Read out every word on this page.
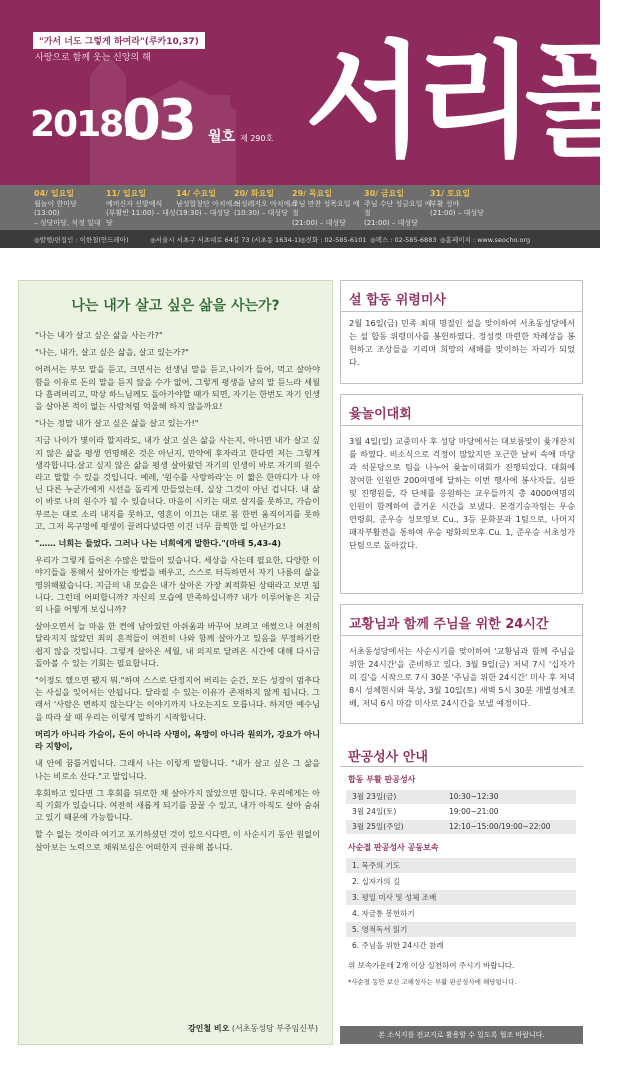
"가서 너도 그렇게 하여라"(루카10,37)
사랑으로 함께 웃는 신앙의 해
2018.
03 월호 제 290호 서리풀
04/ 일요일
월놀이 한마당 (13:00)
– 성당마당, 석정 일대
11/ 일요일
예비신자 선발예식
(부활반 11:00) – 대성당
14/ 수요일
남성합창단 아치에스
(19:30) – 대성당
20/ 화요일
여성레지오 아치에스
(10:30) – 대성당
29/ 목요일
주님 만찬 성목요일 예절
(21:00) – 대성당
30/ 금요일
주님 수난 성금요일 예절
(21:00) – 대성당
31/ 토요일
부활 성야
(21:00) – 대성당
◎발행/편집인 : 이한철(안드레아)	◎서울시 서초구 서초대로 64길 73 (서초동 1634-1) ◎전화 : 02-585-6101 ◎팩스 : 02-585-6883 ◎홈페이지 : www.seocho.org
나는 내가 살고 싶은 삶을 사는가?

"나는 내가 살고 싶은 삶을 사는가?"

"나는, 내가, 살고 싶은 삶을, 살고 있는가?"

어려서는 부모 말을 듣고, 크면서는 선생님 말을 듣고,나이가 들어, 먹고 살아야 함을 이유로 돈의 말을 듣지 않을 수가 없어, 그렇게 평생을 남의 말 듣느라 세월 다 흘려버리고, 막상 하느님께도 돌아가야할 때가 되면, 자기는 한번도 자기 인생을 살아본 적이 없는 사람처럼 억울해 하지 않을까요!

"나는 정말 내가 살고 싶은 삶을 살고 있는가!"

지금 나이가 몇이라 할지라도, 내가 살고 싶은 삶을 사는지, 아니면 내가 살고 싶지 않은 삶을 평생 연명해온 것은 아닌지, 만약에 후자라고 한다면 저는 그렇게 생각합니다.살고 싶지 않은 삶을 평생 살아왔던 자기의 인생이 바로 자기의 원수라고 말할 수 있을 것입니다. 예레, '원수를 사랑하라'는 이 짧은 한마디가 나 아닌 다른 누군가에게 시선을 돌리게 만들었는데, 실상 그것이 아닌 겁니다. 내 삶이 바로 나의 원수가 될 수 있습니다. 마음이 시키는 대로 살지를 못하고, 가슴이 부르는 대로 소리 내지를 못하고, 영혼이 이끄는 대로 몸 한번 움직이지를 못하고, 그저 목구멍에 평생이 끌려다녔다면 이건 너무 끔찍한 일 아닌가요!

"…… 너희는 들었다. 그러나 나는 너희에게 말한다."(마태 5,43-4)

우리가 그렇게 들어온 수많은 말들이 있습니다. 세상을 사는데 필요한, 다양한 이야기들을 통해서 살아가는 방법을 배우고, 스스로 터득하면서 자기 나름의 삶을 영위해왔습니다. 지금의 내 모습은 내가 살아온 가장 최적화된 상태라고 보면 됩니다. 그런데 어떠합니까? 자신의 모습에 만족하십니까? 내가 이루어놓은 지금의 나를 어떻게 보십니까?

살아오면서 늘 마음 한 켠에 남아있던 아쉬움과 바꾸어 보려고 애썼으나 여전히 달라지지 않았던 죄의 흔적들이 여전히 나와 함께 살아가고 있음을 부정하기란 쉽지 않을 것입니다. 그렇게 살아온 세월, 내 의지로 달려온 시간에 대해 다시금 돌아볼 수 있는 기회는 필요합니다.

"이정도 했으면 됐지 뭐."하며 스스로 단정지어 버리는 순간, 모든 성장이 멈추다는 사실을 잊어서는 안됩니다. 달라질 수 있는 이유가 존재하지 않게 됩니다. 그래서 '사람은 변하지 않는다'는 이야기까지 나오는지도 모릅니다. 하지만 예수님을 따라 살 때 우리는 이렇게 말하기 시작합니다.

머리가 아니라 가슴이, 돈이 아니라 사명이, 욕망이 아니라 원의가, 강요가 아니라 지향이,

내 안에 꿈틀거립니다. 그래서 나는 이렇게 말합니다. "내가 살고 싶은 그 삶을 나는 비로소 산다."고 말입니다.

후회하고 있다면 그 후회를 뒤로한 채 살아가지 않았으면 합니다. 우리에게는 아직 기회가 있습니다. 여전히 새롭게 되기를 꿈꿀 수 있고, 내가 아직도 살아 숨쉬고 있기 때문에 가능합니다.

할 수 없는 것이라 여기고 포기하셨던 것이 있으시다면, 이 사순시기 동안 원없이 살아보는 노력으로 채워보심은 어떠한지 권유해 봅니다.

강인철 비오 (서초동성당 부주임신부)
설 합동 위령미사
2월 16일(금) 민족 최대 명절인 설을 맞이하여 서초동성당에서는 설 합동 위령미사를 봉헌하였다. 정성껏 마련한 차례상을 봉헌하고 조상들을 기리며 희망의 새해를 맞이하는 자리가 되었다.
윷놀이대회
3월 4일(일) 교중미사 후 성당 마당에서는 대보름맞이 윷개잔치를 하였다. 비소식으로 걱정이 많았지만 포근한 날씨 속에 마당과 석문당으로 팀을 나누어 윷놀이대회가 진행되었다. 대회에 참여한 인원만 200여명에 달하는 이번 행사에 봉사자들, 심판 및 진행원들, 각 단체를 응원하는 교우들까지 총 4000여명의 인원이 함께하여 즐거운 시간을 보냈다. 본경기승자팀는 우승 연령회, 준우승 성모영보 Cu., 3등 문화분과 1팀으로, 나머지 패자부활전을 통하여 우승 평화의모후 Cu. 1, 준우승 서초성가단팀으로 돌아갔다.
교황님과 함께 주님을 위한 24시간
서초동성당에서는 사순시기를 맞이하여 '교황님과 함께 주님을 위한 24시간'을 준비하고 있다. 3월 9일(금) 저녁 7시 '십자가의 길'을 시작으로 7시 30분 '주님을 위한 24시간' 미사 후 저녁 8시 성체현시와 묵상, 3월 10일(토) 새벽 5시 30분 개별성체조배, 저녁 6시 마감 미사로 24시간을 보낼 예정이다.
판공성사 안내
합동 부활 판공성사
3월 23일(금)	10:30~12:30
3월 24일(토)	19:00~21:00
3월 25일(주일)	12:10~15:00/19:00~22:00
사순절 판공성사 공동보속
1. 묵주의 기도
2. 십자가의 길
3. 평일 미사 및 성체 조배
4. 자금통 봉헌하기
5. 영적독서 읽기
6. 주님을 위한 24시간 참례
위 보속가운데 2개 이상 실천하여 주시기 바랍니다.
*사순절 동안 보신 고해성사는 부활 판공성사에 해당됩니다.
본 소식지를 전교지로 활용할 수 있도록 협조 바랍니다.
